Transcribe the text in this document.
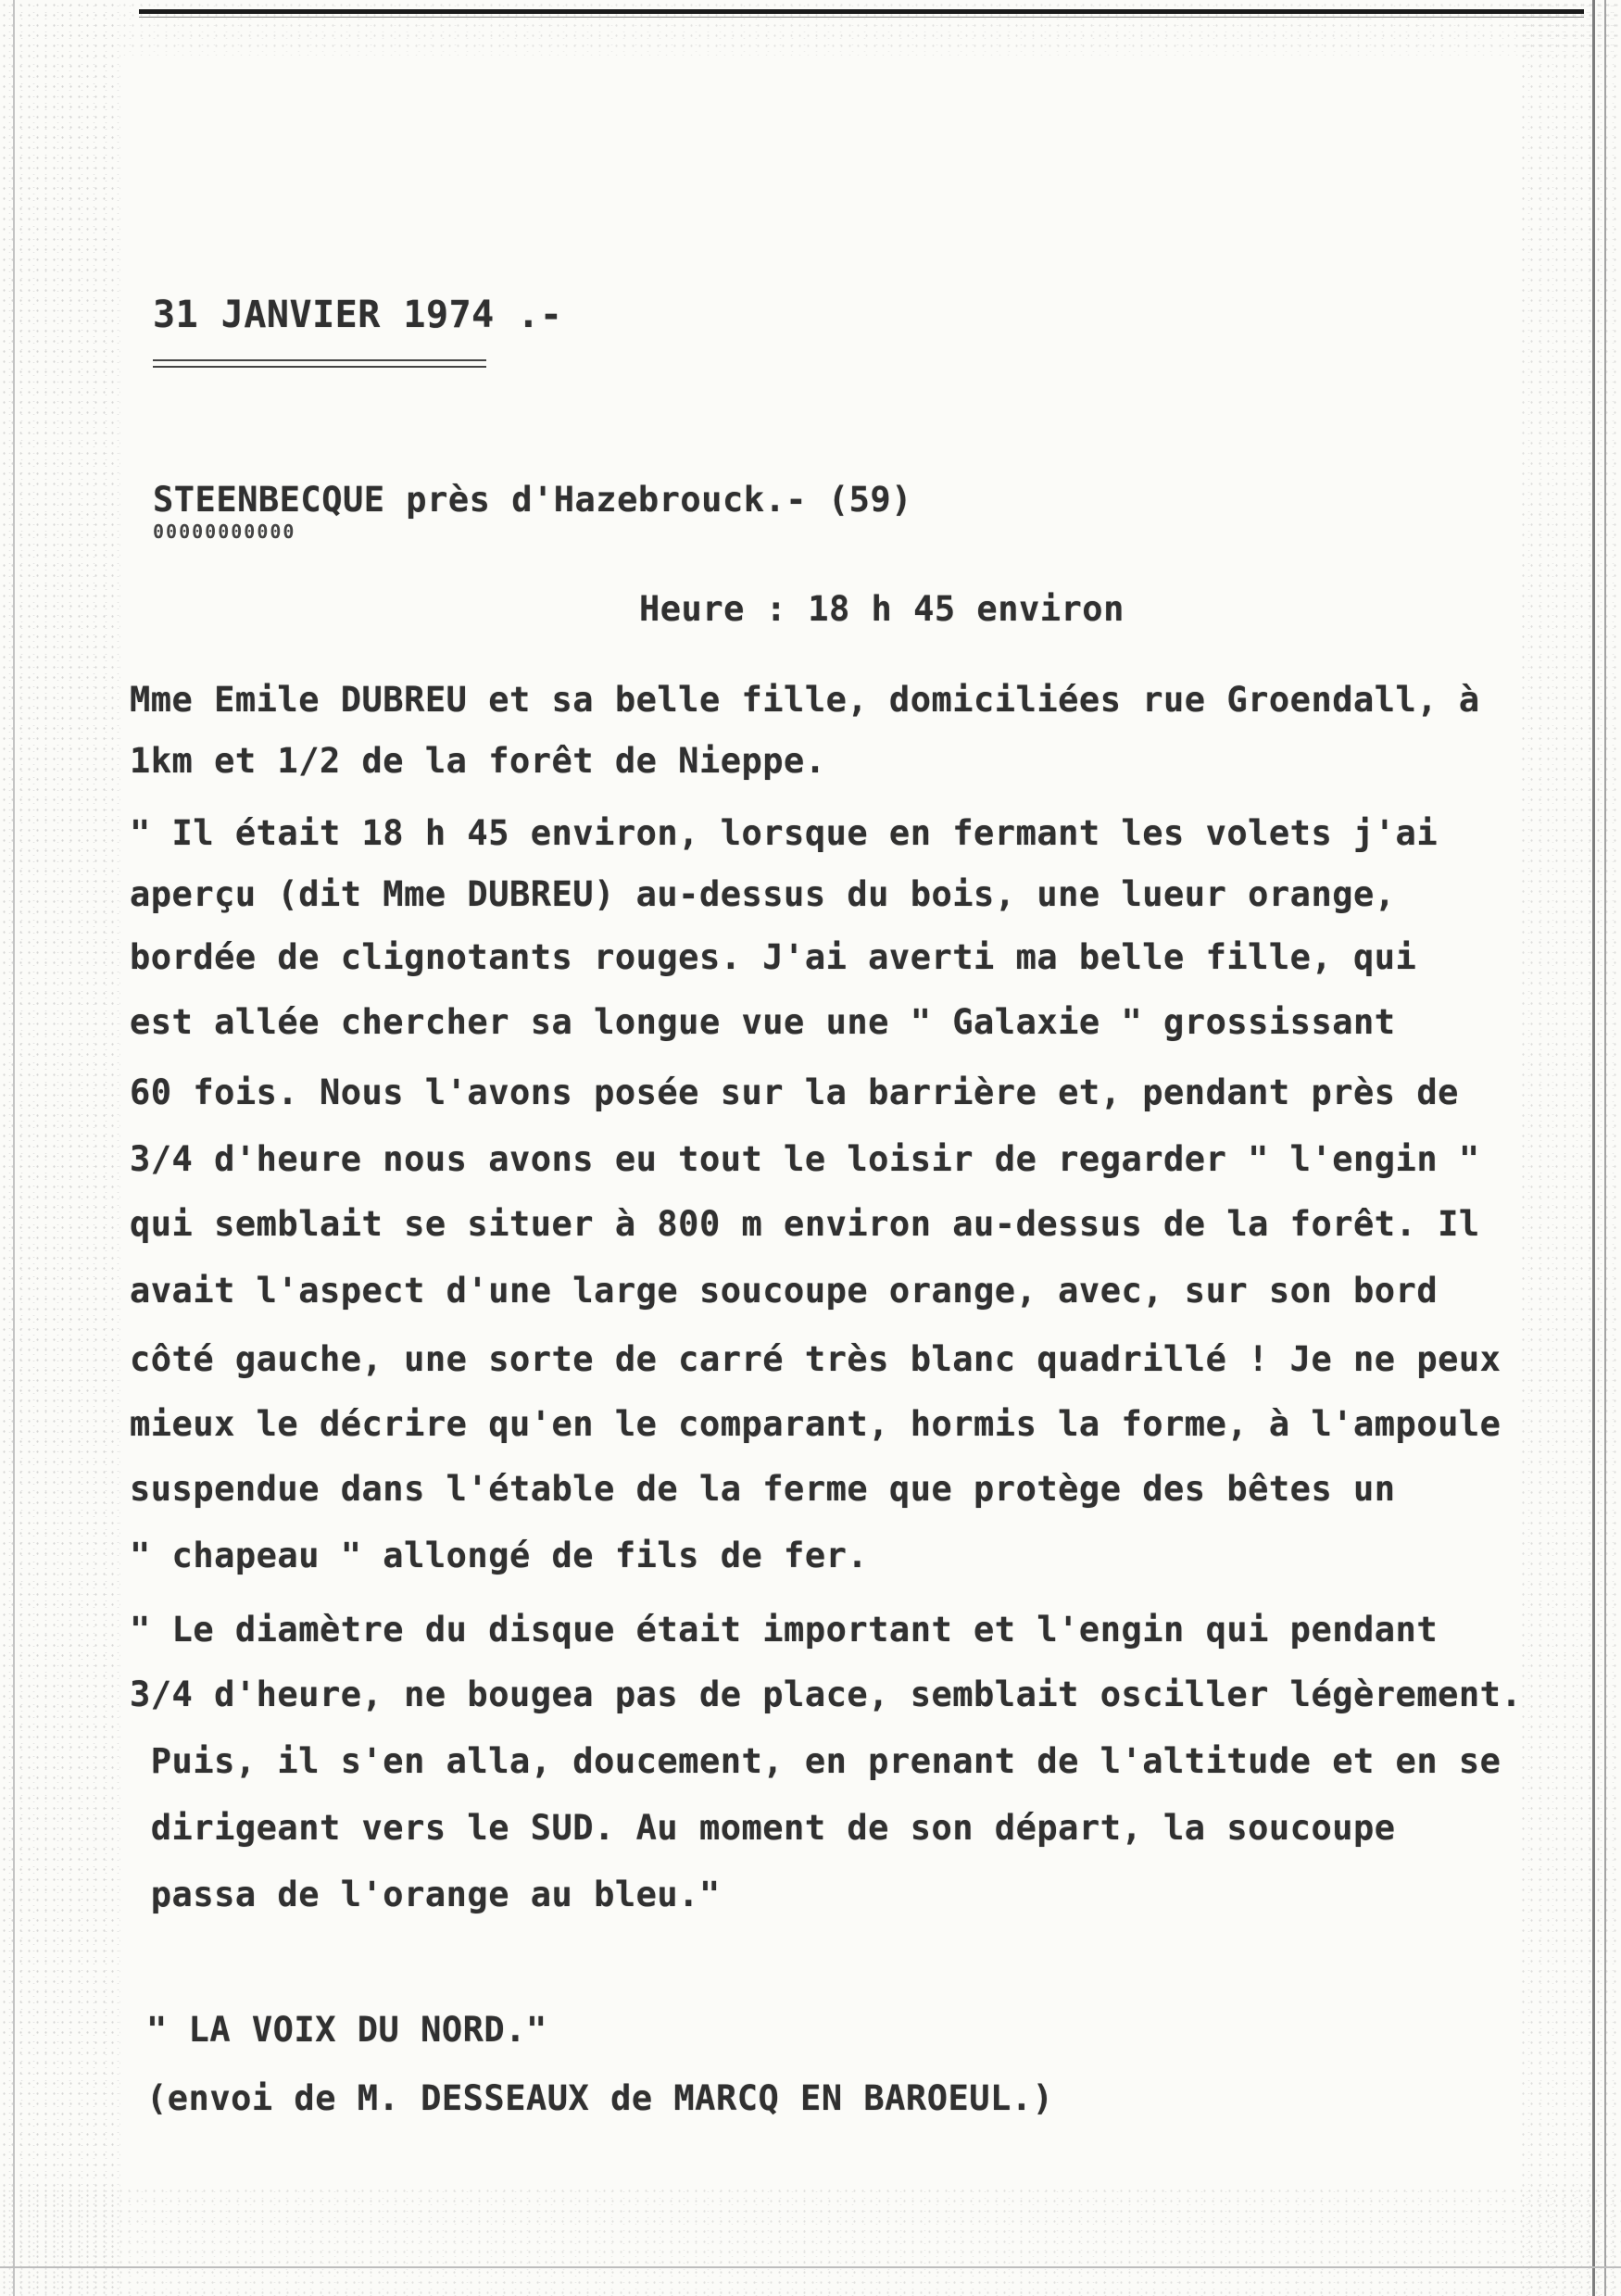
31 JANVIER 1974 .-
STEENBECQUE près d'Hazebrouck.- (59)
00000000000
Heure : 18 h 45 environ
Mme Emile DUBREU et sa belle fille, domiciliées rue Groendall, à
1km et 1/2 de la forêt de Nieppe.
" Il était 18 h 45 environ, lorsque en fermant les volets j'ai
aperçu (dit Mme DUBREU) au-dessus du bois, une lueur orange,
bordée de clignotants rouges. J'ai averti ma belle fille, qui
est allée chercher sa longue vue une " Galaxie " grossissant
60 fois. Nous l'avons posée sur la barrière et, pendant près de
3/4 d'heure nous avons eu tout le loisir de regarder " l'engin "
qui semblait se situer à 800 m environ au-dessus de la forêt. Il
avait l'aspect d'une large soucoupe orange, avec, sur son bord
côté gauche, une sorte de carré très blanc quadrillé ! Je ne peux
mieux le décrire qu'en le comparant, hormis la forme, à l'ampoule
suspendue dans l'étable de la ferme que protège des bêtes un
" chapeau " allongé de fils de fer.
" Le diamètre du disque était important et l'engin qui pendant
3/4 d'heure, ne bougea pas de place, semblait osciller légèrement.
Puis, il s'en alla, doucement, en prenant de l'altitude et en se
dirigeant vers le SUD. Au moment de son départ, la soucoupe
passa de l'orange au bleu."
" LA VOIX DU NORD."
(envoi de M. DESSEAUX de MARCQ EN BAROEUL.)
